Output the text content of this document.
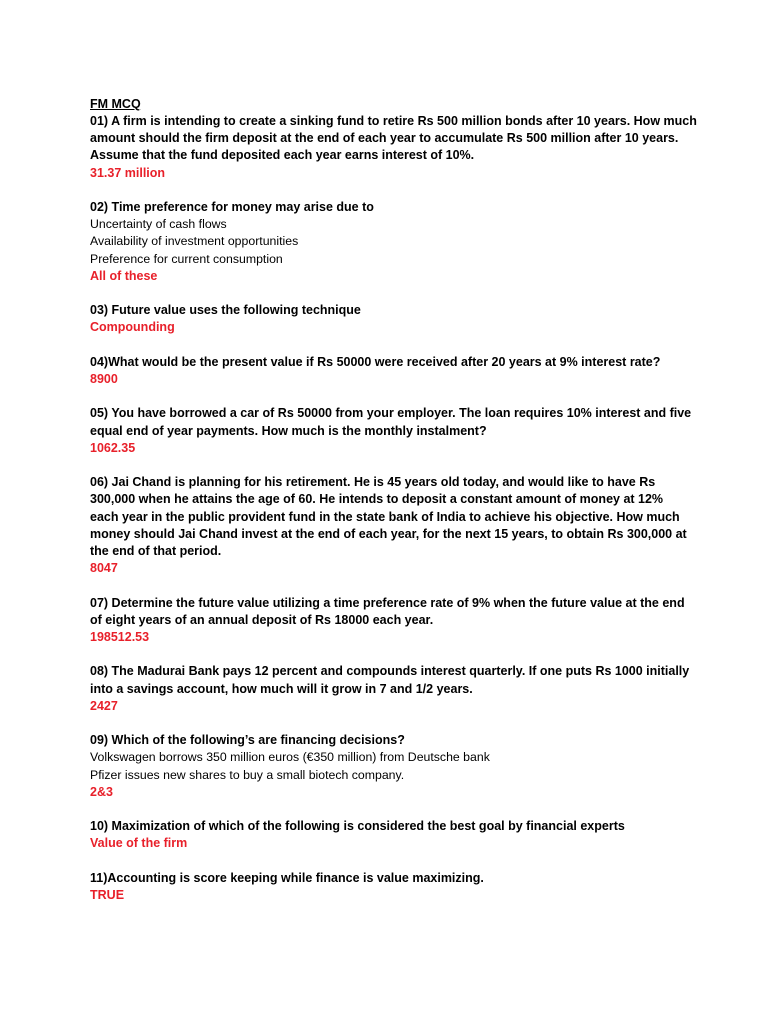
FM MCQ

01) A firm is intending to create a sinking fund to retire Rs 500 million bonds after 10 years. How much

amount should the firm deposit at the end of each year to accumulate Rs 500 million after 10 years.

Assume that the fund deposited each year earns interest of 10%.

31.37 million

02) Time preference for money may arise due to

Uncertainty of cash flows

Availability of investment opportunities

Preference for current consumption

All of these

03) Future value uses the following technique

Compounding

04)What would be the present value if Rs 50000 were received after 20 years at 9% interest rate?

8900

05) You have borrowed a car of Rs 50000 from your employer. The loan requires 10% interest and five

equal end of year payments. How much is the monthly instalment?

1062.35

06) Jai Chand is planning for his retirement. He is 45 years old today, and would like to have Rs

300,000 when he attains the age of 60. He intends to deposit a constant amount of money at 12%

each year in the public provident fund in the state bank of India to achieve his objective. How much

money should Jai Chand invest at the end of each year, for the next 15 years, to obtain Rs 300,000 at

the end of that period.

8047

07) Determine the future value utilizing a time preference rate of 9% when the future value at the end

of eight years of an annual deposit of Rs 18000 each year.

198512.53

08) The Madurai Bank pays 12 percent and compounds interest quarterly. If one puts Rs 1000 initially

into a savings account, how much will it grow in 7 and 1/2 years.

2427

09) Which of the following’s are financing decisions?

Volkswagen borrows 350 million euros (€350 million) from Deutsche bank

Pfizer issues new shares to buy a small biotech company.

2&3

10) Maximization of which of the following is considered the best goal by financial experts

Value of the firm

11)Accounting is score keeping while finance is value maximizing.

TRUE
